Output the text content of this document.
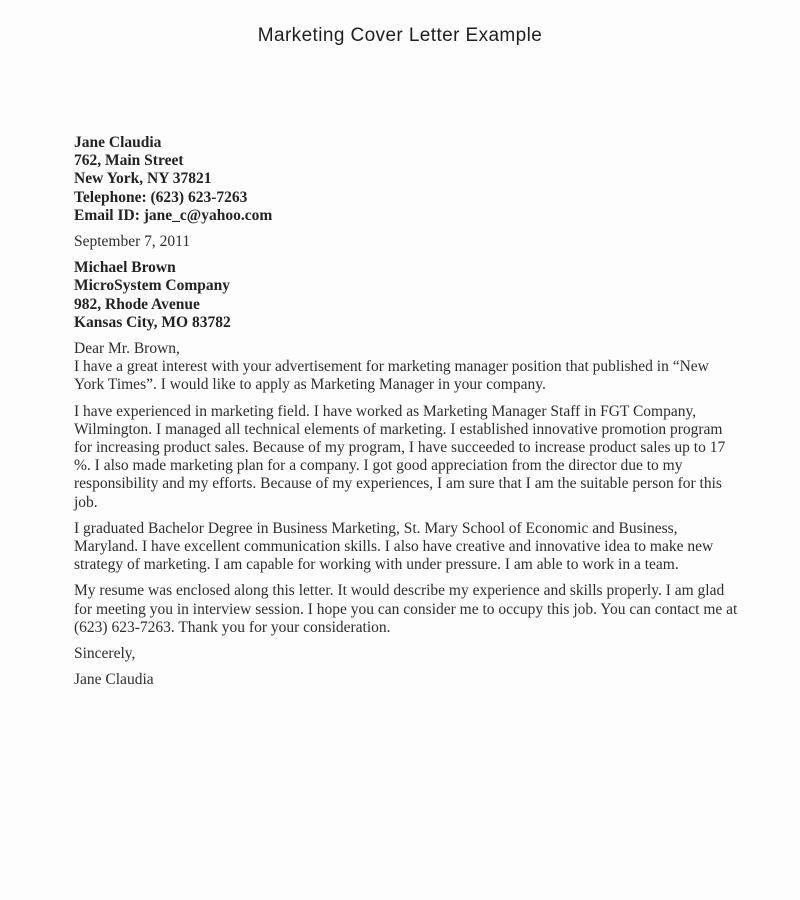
Marketing Cover Letter Example
Jane Claudia
762, Main Street
New York, NY 37821
Telephone: (623) 623-7263
Email ID: jane_c@yahoo.com
September 7, 2011
Michael Brown
MicroSystem Company
982, Rhode Avenue
Kansas City, MO 83782
Dear Mr. Brown,
I have a great interest with your advertisement for marketing manager position that published in “New York Times”. I would like to apply as Marketing Manager in your company.
I have experienced in marketing field. I have worked as Marketing Manager Staff in FGT Company, Wilmington. I managed all technical elements of marketing. I established innovative promotion program for increasing product sales. Because of my program, I have succeeded to increase product sales up to 17 %. I also made marketing plan for a company. I got good appreciation from the director due to my responsibility and my efforts. Because of my experiences, I am sure that I am the suitable person for this job.
I graduated Bachelor Degree in Business Marketing, St. Mary School of Economic and Business, Maryland. I have excellent communication skills. I also have creative and innovative idea to make new strategy of marketing. I am capable for working with under pressure. I am able to work in a team.
My resume was enclosed along this letter. It would describe my experience and skills properly. I am glad for meeting you in interview session. I hope you can consider me to occupy this job. You can contact me at (623) 623-7263. Thank you for your consideration.
Sincerely,
Jane Claudia
